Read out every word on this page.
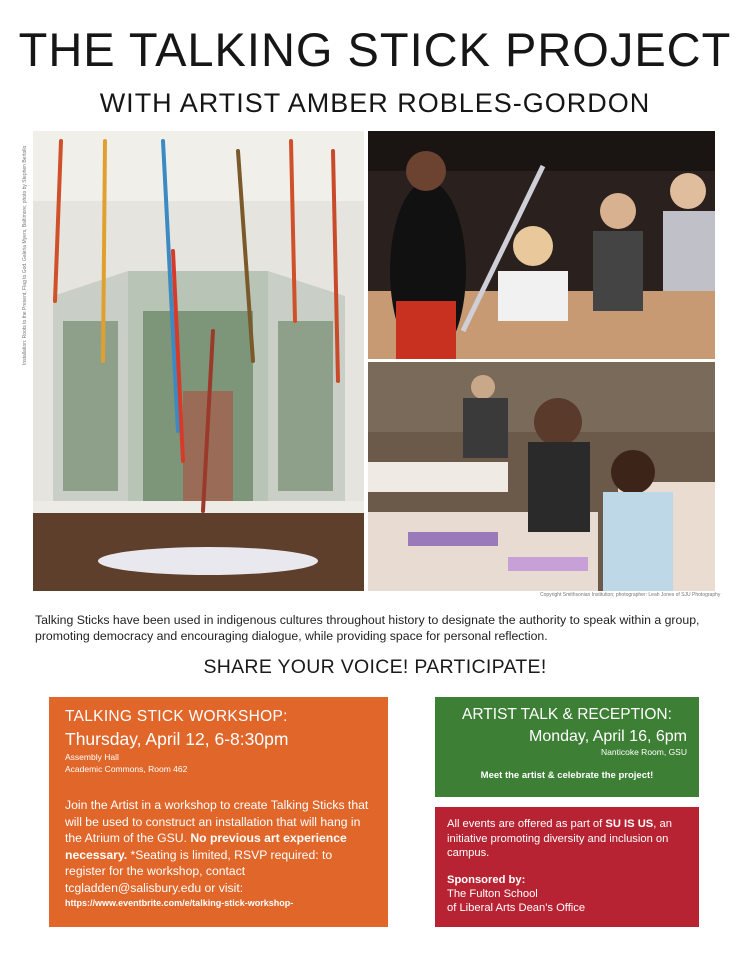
THE TALKING STICK PROJECT
WITH ARTIST AMBER ROBLES-GORDON
Installation: Roots to the Present, Flag to God. Galeria Myers, Baltimore; photo by Stephen Bertollo
Copyright Smithsonian Institution; photographer: Leah Jones of SJU Photography
Talking Sticks have been used in indigenous cultures throughout history to designate the authority to speak within a group, promoting democracy and encouraging dialogue, while providing space for personal reflection.
SHARE YOUR VOICE! PARTICIPATE!
TALKING STICK WORKSHOP:
Thursday, April 12, 6-8:30pm
Assembly Hall
Academic Commons, Room 462
Join the Artist in a workshop to create Talking Sticks that will be used to construct an installation that will hang in the Atrium of the GSU. No previous art experience necessary. *Seating is limited, RSVP required: to register for the workshop, contact tcgladden@salisbury.edu or visit:
https://www.eventbrite.com/e/talking-stick-workshop-
ARTIST TALK & RECEPTION:
Monday, April 16, 6pm
Nanticoke Room, GSU
Meet the artist & celebrate the project!
All events are offered as part of SU IS US, an initiative promoting diversity and inclusion on campus.
Sponsored by:
The Fulton School
of Liberal Arts Dean's Office
